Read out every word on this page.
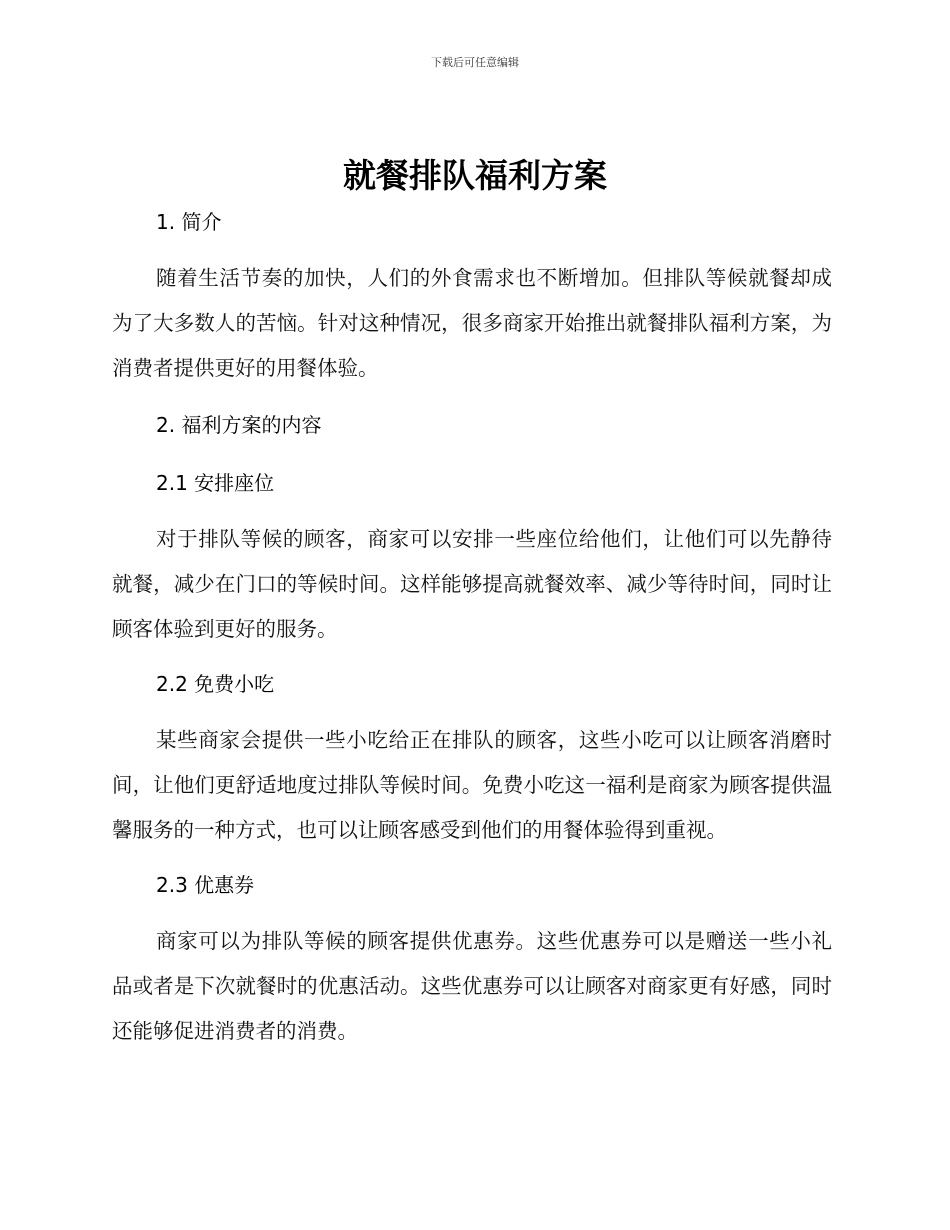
下载后可任意编辑
就餐排队福利方案
1. 简介

随着生活节奏的加快，人们的外食需求也不断增加。但排队等候就餐却成为了大多数人的苦恼。针对这种情况，很多商家开始推出就餐排队福利方案，为消费者提供更好的用餐体验。

2. 福利方案的内容
2.1 安排座位

对于排队等候的顾客，商家可以安排一些座位给他们，让他们可以先静待就餐，减少在门口的等候时间。这样能够提高就餐效率、减少等待时间，同时让顾客体验到更好的服务。

2.2 免费小吃

某些商家会提供一些小吃给正在排队的顾客，这些小吃可以让顾客消磨时间，让他们更舒适地度过排队等候时间。免费小吃这一福利是商家为顾客提供温馨服务的一种方式，也可以让顾客感受到他们的用餐体验得到重视。

2.3 优惠券

商家可以为排队等候的顾客提供优惠券。这些优惠券可以是赠送一些小礼品或者是下次就餐时的优惠活动。这些优惠券可以让顾客对商家更有好感，同时还能够促进消费者的消费。
